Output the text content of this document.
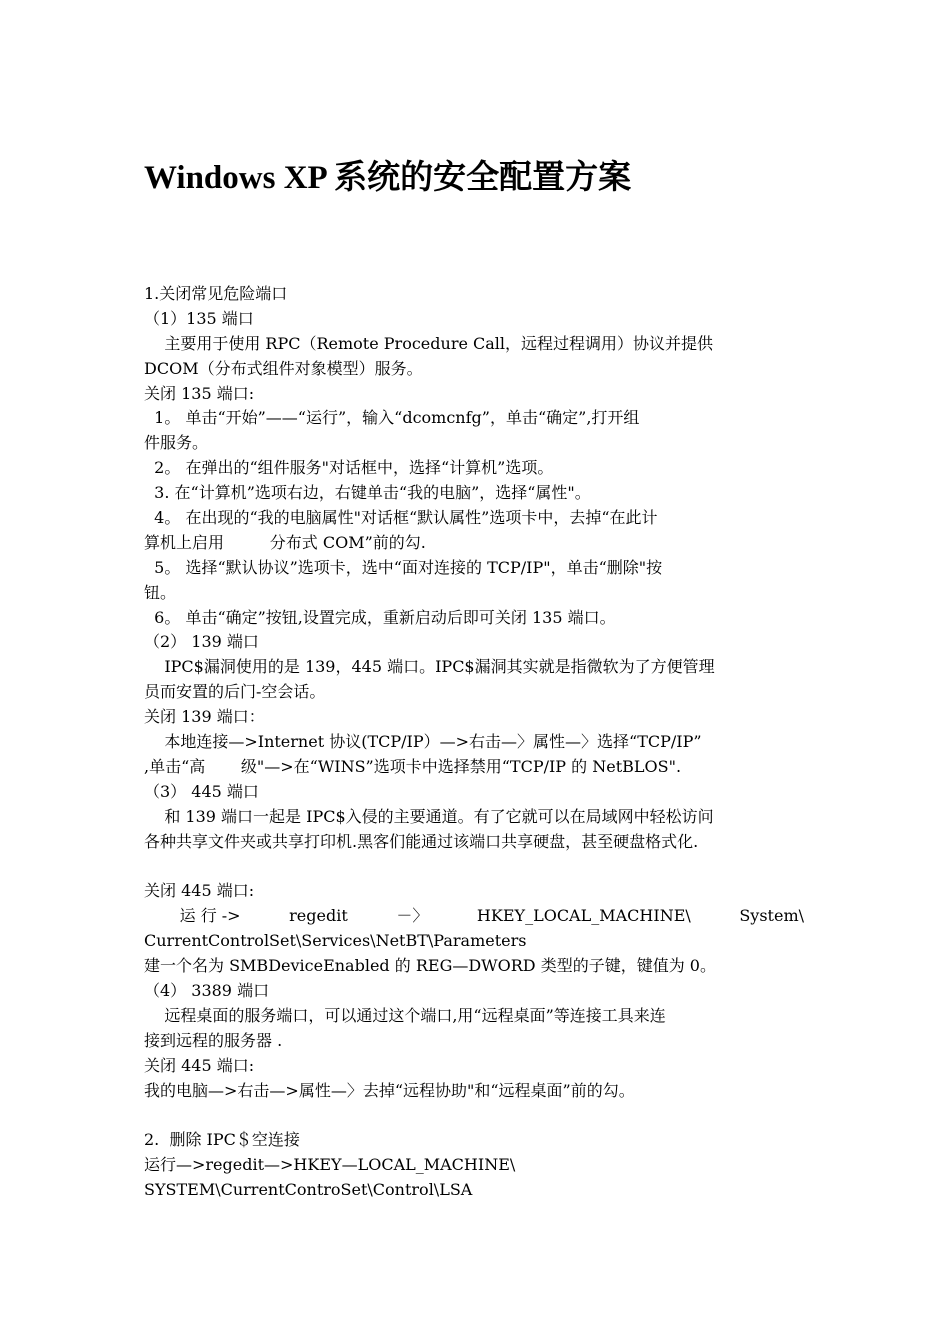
Windows XP 系统的安全配置方案
1.关闭常见危险端口
（1）135 端口
主要用于使用 RPC（Remote Procedure Call，远程过程调用）协议并提供
DCOM（分布式组件对象模型）服务。
关闭 135 端口:
1。 单击“开始”——“运行”，输入“dcomcnfg”，单击“确定”,打开组
件服务。
2。 在弹出的“组件服务"对话框中，选择“计算机”选项。
3. 在“计算机”选项右边，右键单击“我的电脑”，选择“属性"。
4。 在出现的“我的电脑属性"对话框“默认属性”选项卡中，去掉“在此计
算机上启用         分布式 COM”前的勾.
5。 选择“默认协议”选项卡，选中“面对连接的 TCP/IP"，单击“删除"按
钮。
6。 单击“确定”按钮,设置完成，重新启动后即可关闭 135 端口。
（2） 139 端口
IPC$漏洞使用的是 139，445 端口。IPC$漏洞其实就是指微软为了方便管理
员而安置的后门-空会话。
关闭 139 端口：
本地连接—>Internet 协议(TCP/IP）—>右击—〉属性—〉选择“TCP/IP”
,单击“高       级"—>在“WINS”选项卡中选择禁用“TCP/IP 的 NetBLOS".
（3） 445 端口
和 139 端口一起是 IPC$入侵的主要通道。有了它就可以在局域网中轻松访问
各种共享文件夹或共享打印机.黑客们能通过该端口共享硬盘，甚至硬盘格式化.
关闭 445 端口:
运 行 ->	regedit	－〉	HKEY_LOCAL_MACHINE\	System\
CurrentControlSet\Services\NetBT\Parameters
建一个名为 SMBDeviceEnabled 的 REG—DWORD 类型的子键，键值为 0。
（4） 3389 端口
远程桌面的服务端口，可以通过这个端口,用“远程桌面”等连接工具来连
接到远程的服务器 .
关闭 445 端口:
我的电脑—>右击—>属性—〉去掉“远程协助"和“远程桌面”前的勾。
2.  删除 IPC＄空连接
运行—>regedit—>HKEY—LOCAL_MACHINE\
SYSTEM\CurrentControSet\Control\LSA
